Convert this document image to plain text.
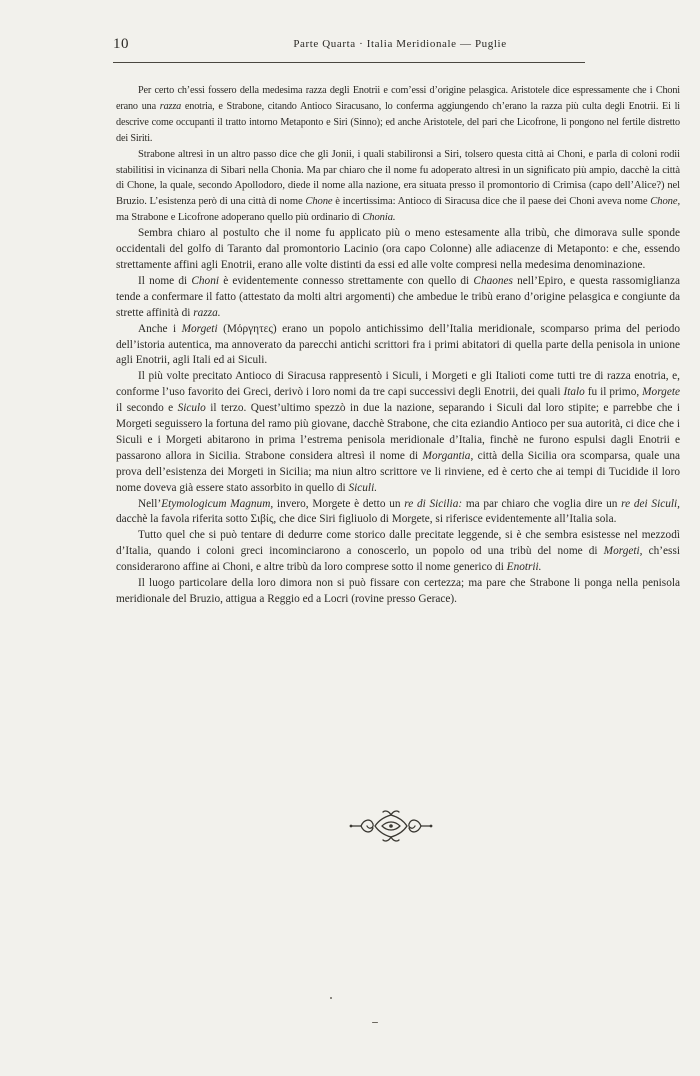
10	Parte Quarta · Italia Meridionale — Puglie

Per certo ch’essi fossero della medesima razza degli Enotrii e com’essi d’origine pelasgica. Aristotele dice espressamente che i Choni erano una razza enotria, e Strabone, citando Antioco Siracusano, lo conferma aggiungendo ch’erano la razza più culta degli Enotrii. Ei li descrive come occupanti il tratto intorno Metaponto e Siri (Sinno); ed anche Aristotele, del pari che Licofrone, li pongono nel fertile distretto dei Siriti.

Strabone altresì in un altro passo dice che gli Jonii, i quali stabilironsi a Siri, tolsero questa città ai Choni, e parla di coloni rodii stabilitisi in vicinanza di Sibari nella Chonia. Ma par chiaro che il nome fu adoperato altresì in un significato più ampio, dacchè la città di Chone, la quale, secondo Apollodoro, diede il nome alla nazione, era situata presso il promontorio di Crimisa (capo dell’Alice?) nel Bruzio. L’esistenza però di una città di nome Chone è incertissima: Antioco di Siracusa dice che il paese dei Choni aveva nome Chone, ma Strabone e Licofrone adoperano quello più ordinario di Chonia.

Sembra chiaro al postulto che il nome fu applicato più o meno estesamente alla tribù, che dimorava sulle sponde occidentali del golfo di Taranto dal promontorio Lacinio (ora capo Colonne) alle adiacenze di Metaponto: e che, essendo strettamente affini agli Enotrii, erano alle volte distinti da essi ed alle volte compresi nella medesima denominazione.

Il nome di Choni è evidentemente connesso strettamente con quello di Chaones nell’Epiro, e questa rassomiglianza tende a confermare il fatto (attestato da molti altri argomenti) che ambedue le tribù erano d’origine pelasgica e congiunte da strette affinità di razza.

Anche i Morgeti (Μόργητες) erano un popolo antichissimo dell’Italia meridionale, scomparso prima del periodo dell’istoria autentica, ma annoverato da parecchi antichi scrittori fra i primi abitatori di quella parte della penisola in unione agli Enotrii, agli Itali ed ai Siculi.

Il più volte precitato Antioco di Siracusa rappresentò i Siculi, i Morgeti e gli Italioti come tutti tre di razza enotria, e, conforme l’uso favorito dei Greci, derivò i loro nomi da tre capi successivi degli Enotrii, dei quali Italo fu il primo, Morgete il secondo e Siculo il terzo. Quest’ultimo spezzò in due la nazione, separando i Siculi dal loro stipite; e parrebbe che i Morgeti seguissero la fortuna del ramo più giovane, dacchè Strabone, che cita eziandio Antioco per sua autorità, ci dice che i Siculi e i Morgeti abitarono in prima l’estrema penisola meridionale d’Italia, finchè ne furono espulsi dagli Enotrii e passarono allora in Sicilia. Strabone considera altresì il nome di Morgantia, città della Sicilia ora scomparsa, quale una prova dell’esistenza dei Morgeti in Sicilia; ma niun altro scrittore ve li rinviene, ed è certo che ai tempi di Tucidide il loro nome doveva già essere stato assorbito in quello di Siculi.

Nell’Etymologicum Magnum, invero, Morgete è detto un re di Sicilia: ma par chiaro che voglia dire un re dei Siculi, dacchè la favola riferita sotto Σιβίς, che dice Siri figliuolo di Morgete, si riferisce evidentemente all’Italia sola.

Tutto quel che si può tentare di dedurre come storico dalle precitate leggende, si è che sembra esistesse nel mezzodì d’Italia, quando i coloni greci incominciarono a conoscerlo, un popolo od una tribù del nome di Morgeti, ch’essi considerarono affine ai Choni, e altre tribù da loro comprese sotto il nome generico di Enotrii.

Il luogo particolare della loro dimora non si può fissare con certezza; ma pare che Strabone li ponga nella penisola meridionale del Bruzio, attigua a Reggio ed a Locri (rovine presso Gerace).
